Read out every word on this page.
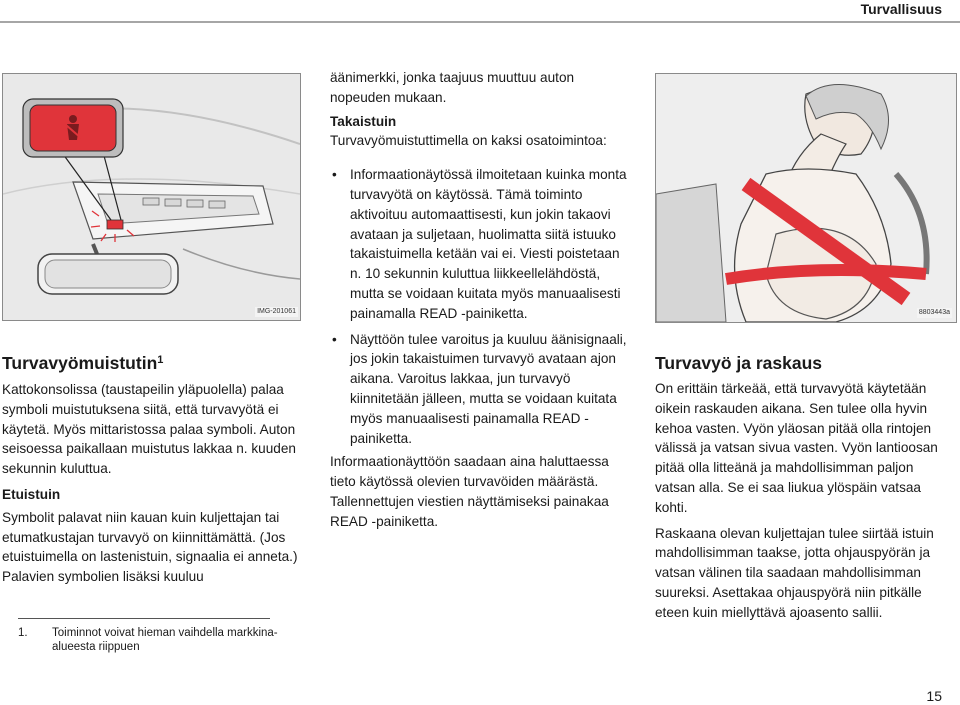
Turvallisuus
IMG-201061	8803443a
Turvavyömuistutin$^1$

Kattokonsolissa (taustapeilin yläpuolella) palaa symboli muistutuksena siitä, että turvavyötä ei käytetä. Myös mittaristossa palaa symboli. Auton seisoessa paikallaan muistutus lakkaa n. kuuden sekunnin kuluttua.

Etuistuin

Symbolit palavat niin kauan kuin kuljettajan tai etumatkustajan turvavyö on kiinnittämättä. (Jos etuistuimella on lastenistuin, signaalia ei anneta.) Palavien symbolien lisäksi kuuluu

1. Toiminnot voivat hieman vaihdella markkina-alueesta riippuen

äänimerkki, jonka taajuus muuttuu auton nopeuden mukaan.

Takaistuin

Turvavyömuistuttimella on kaksi osatoimintoa:

• Informaationäytössä ilmoitetaan kuinka monta turvavyötä on käytössä. Tämä toiminto aktivoituu automaattisesti, kun jokin takaovi avataan ja suljetaan, huolimatta siitä istuuko takaistuimella ketään vai ei. Viesti poistetaan n. 10 sekunnin kuluttua liikkeellelähdöstä, mutta se voidaan kuitata myös manuaalisesti painamalla READ -painiketta.
• Näyttöön tulee varoitus ja kuuluu äänisignaali, jos jokin takaistuimen turvavyö avataan ajon aikana. Varoitus lakkaa, jun turvavyö kiinnitetään jälleen, mutta se voidaan kuitata myös manuaalisesti painamalla READ -painiketta.

Informaationäyttöön saadaan aina haluttaessa tieto käytössä olevien turvavöiden määrästä. Tallennettujen viestien näyttämiseksi painakaa READ -painiketta.

Turvavyö ja raskaus

On erittäin tärkeää, että turvavyötä käytetään oikein raskauden aikana. Sen tulee olla hyvin kehoa vasten. Vyön yläosan pitää olla rintojen välissä ja vatsan sivua vasten. Vyön lantioosan pitää olla litteänä ja mahdollisimman paljon vatsan alla. Se ei saa liukua ylöspäin vatsaa kohti.

Raskaana olevan kuljettajan tulee siirtää istuin mahdollisimman taakse, jotta ohjauspyörän ja vatsan välinen tila saadaan mahdollisimman suureksi. Asettakaa ohjauspyörä niin pitkälle eteen kuin miellyttävä ajoasento sallii.

15
